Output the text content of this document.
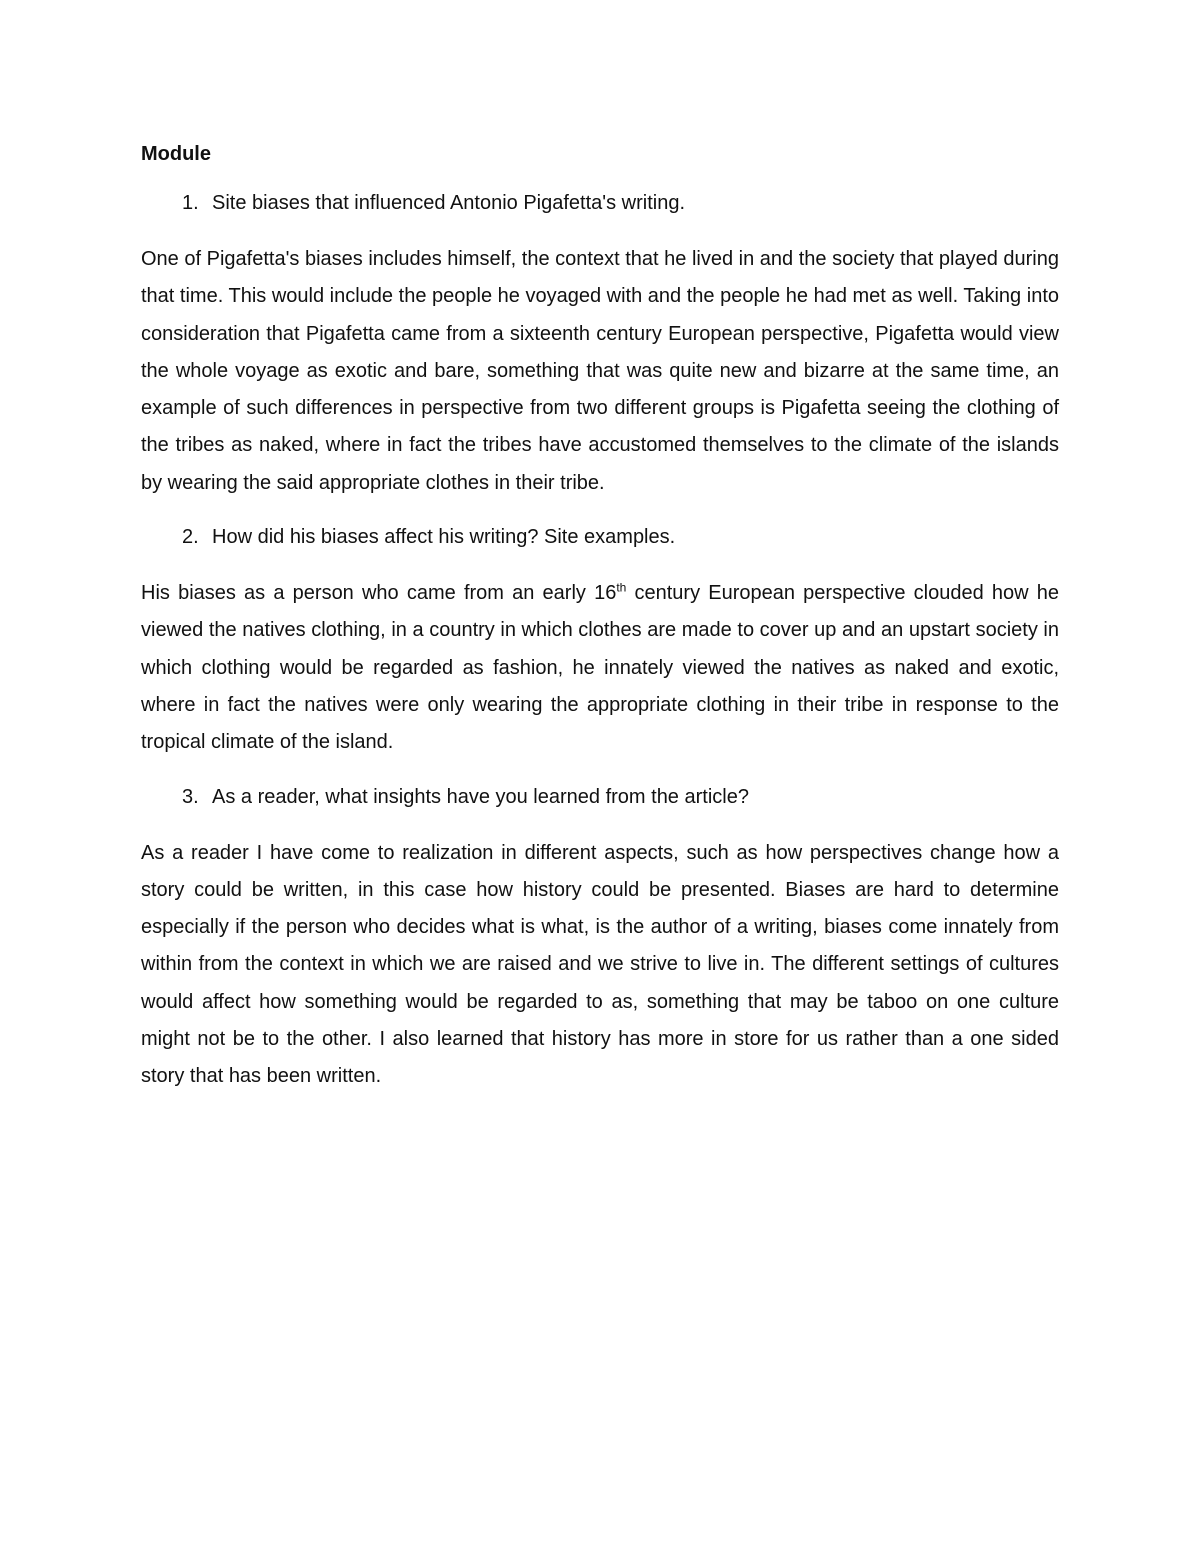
Module
1. Site biases that influenced Antonio Pigafetta's writing.

One of Pigafetta's biases includes himself, the context that he lived in and the society that played during that time. This would include the people he voyaged with and the people he had met as well. Taking into consideration that Pigafetta came from a sixteenth century European perspective, Pigafetta would view the whole voyage as exotic and bare, something that was quite new and bizarre at the same time, an example of such differences in perspective from two different groups is Pigafetta seeing the clothing of the tribes as naked, where in fact the tribes have accustomed themselves to the climate of the islands by wearing the said appropriate clothes in their tribe.

2. How did his biases affect his writing? Site examples.

His biases as a person who came from an early 16th century European perspective clouded how he viewed the natives clothing, in a country in which clothes are made to cover up and an upstart society in which clothing would be regarded as fashion, he innately viewed the natives as naked and exotic, where in fact the natives were only wearing the appropriate clothing in their tribe in response to the tropical climate of the island.

3. As a reader, what insights have you learned from the article?

As a reader I have come to realization in different aspects, such as how perspectives change how a story could be written, in this case how history could be presented. Biases are hard to determine especially if the person who decides what is what, is the author of a writing, biases come innately from within from the context in which we are raised and we strive to live in. The different settings of cultures would affect how something would be regarded to as, something that may be taboo on one culture might not be to the other. I also learned that history has more in store for us rather than a one sided story that has been written.
